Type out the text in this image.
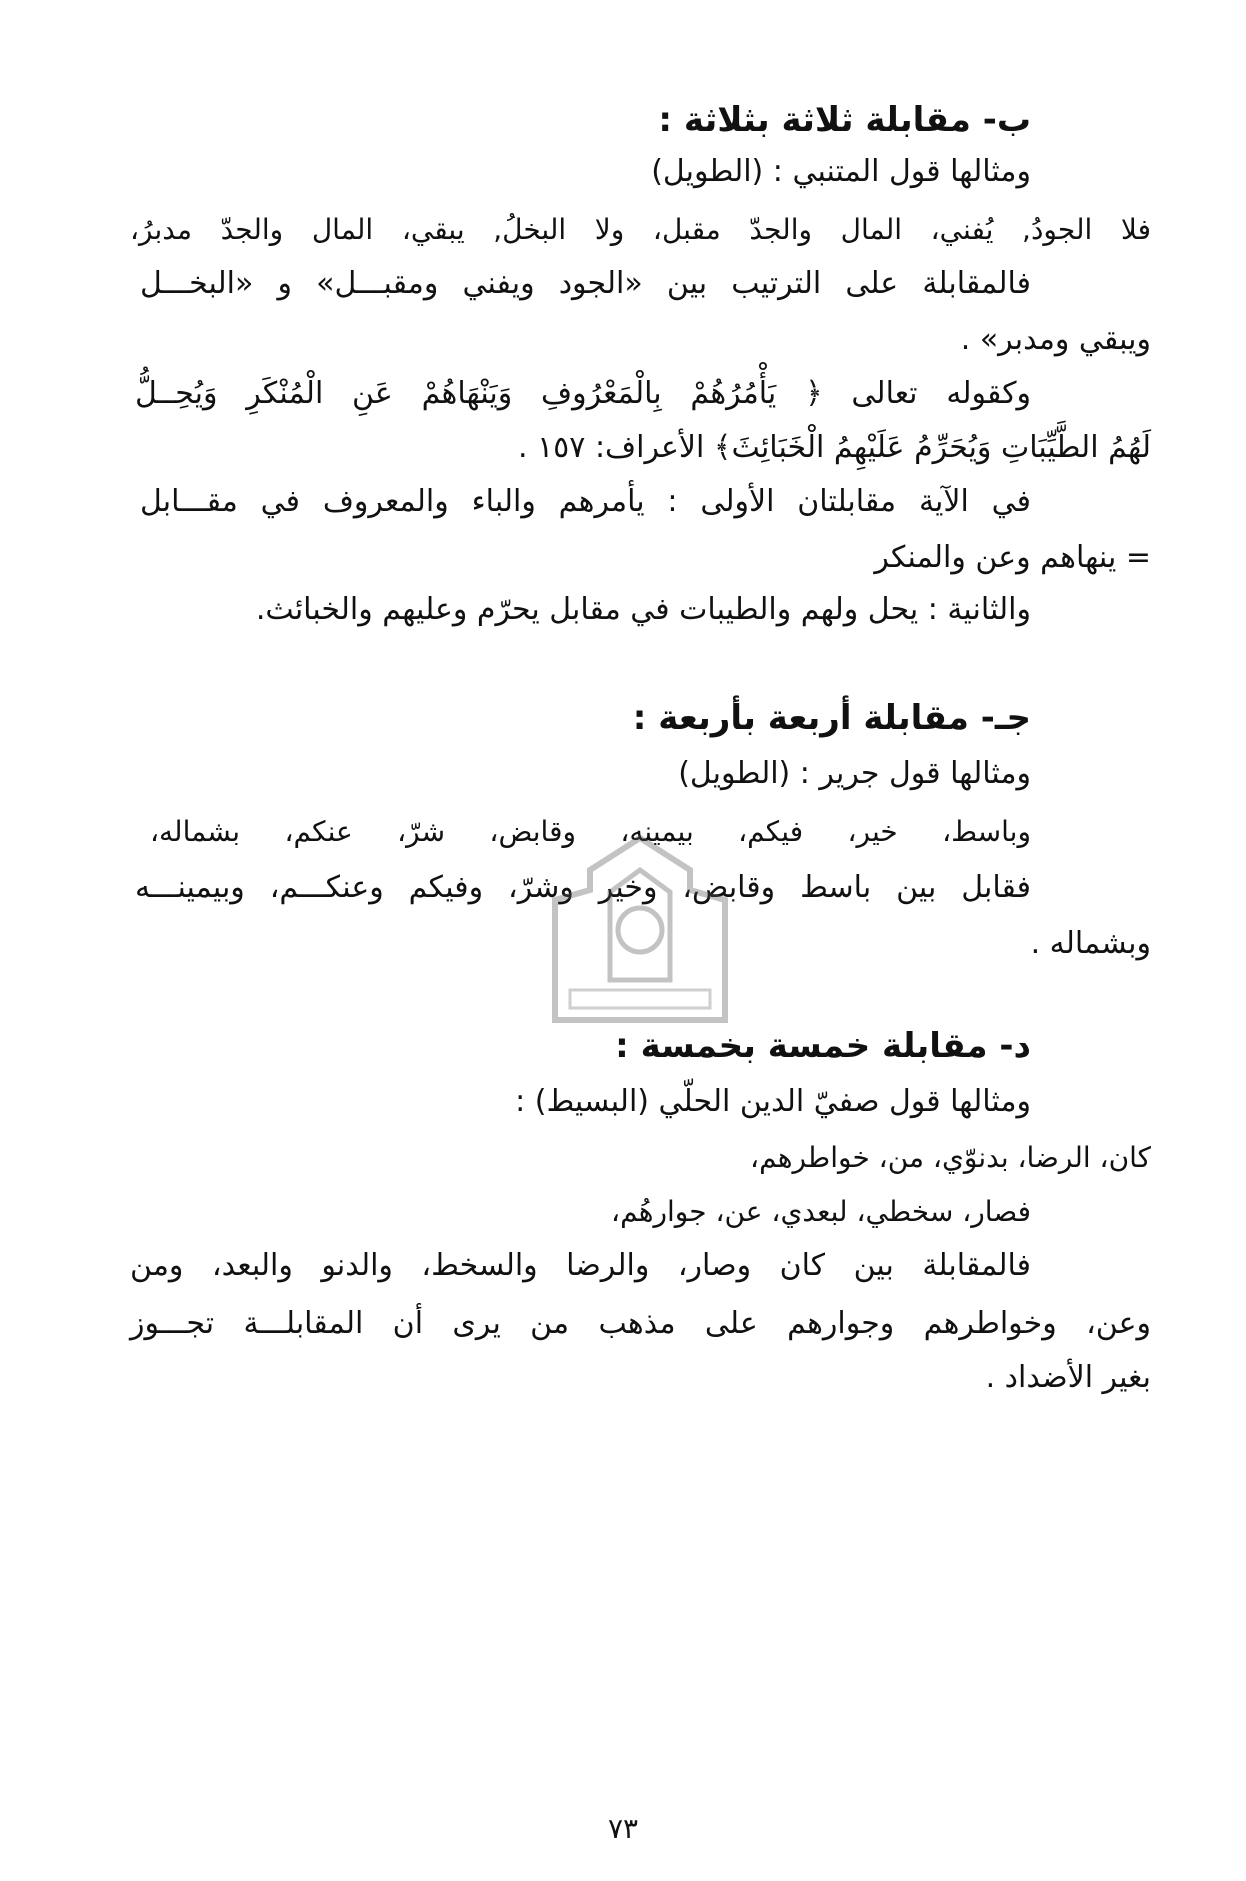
ب- مقابلة ثلاثة بثلاثة :
ومثالها قول المتنبي : (الطويل)
فلا الجودُ, يُفني، المال والجدّ مقبل، ولا البخلُ, يبقي، المال والجدّ مدبرُ،
فالمقابلة على الترتيب بين «الجود ويفني ومقبـــل» و «البخـــل
ويبقي ومدبر» .
وكقوله تعالى ﴿ يَأْمُرُهُمْ بِالْمَعْرُوفِ وَيَنْهَاهُمْ عَنِ الْمُنْكَرِ وَيُحِــلُّ
لَهُمُ الطَّيِّبَاتِ وَيُحَرِّمُ عَلَيْهِمُ الْخَبَائِثَ﴾ الأعراف: ١٥٧ .
في الآية مقابلتان الأولى : يأمرهم والباء والمعروف في مقـــابل
= ينهاهم وعن والمنكر
والثانية : يحل ولهم والطيبات في مقابل يحرّم وعليهم والخبائث.
جـ- مقابلة أربعة بأربعة :
ومثالها قول جرير : (الطويل)
وباسط، خير، فيكم، بيمينه، وقابض، شرّ، عنكم، بشماله،
فقابل بين باسط وقابض، وخير وشرّ، وفيكم وعنكـــم، وبيمينـــه
وبشماله .
د- مقابلة خمسة بخمسة :
ومثالها قول صفيّ الدين الحلّي (البسيط) :
كان، الرضا، بدنوّي، من، خواطرهم،
فصار، سخطي، لبعدي، عن، جوارهُم،
فالمقابلة بين كان وصار، والرضا والسخط، والدنو والبعد، ومن
وعن، وخواطرهم وجوارهم على مذهب من يرى أن المقابلـــة تجـــوز
بغير الأضداد .
٧٣
